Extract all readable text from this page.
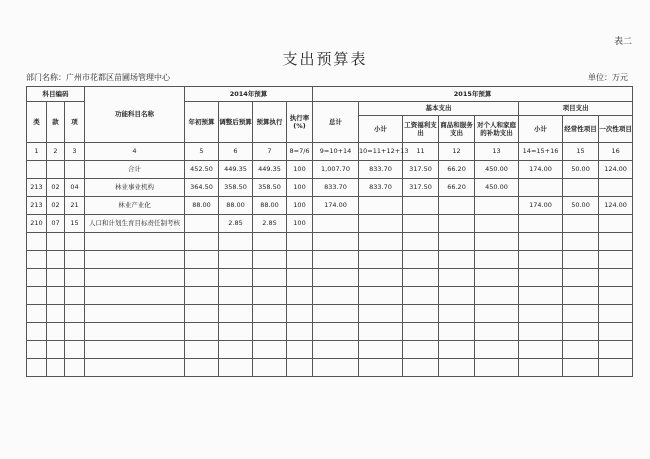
表二
支出预算表
部门名称：广州市花都区苗圃场管理中心	单位：万元
科目编码			功能科目名称	2014年预算				2015年预算							
类	款	项		年初预算	调整后预算	预算执行	执行率(%)	总计	基本支出				项目支出		
									小计	工资福利支出	商品和服务支出	对个人和家庭的补助支出	小计	经常性项目	一次性项目
1	2	3	4	5	6	7	8=7/6	9=10+14	10=11+12+13	11	12	13	14=15+16	15	16
			合计	452.50	449.35	449.35	100	1,007.70	833.70	317.50	66.20	450.00	174.00	50.00	124.00
213	02	04	林业事业机构	364.50	358.50	358.50	100	833.70	833.70	317.50	66.20	450.00			
213	02	21	林业产业化	88.00	88.00	88.00	100	174.00					174.00	50.00	124.00
210	07	15	人口和计划生育目标责任制考核		2.85	2.85	100								
